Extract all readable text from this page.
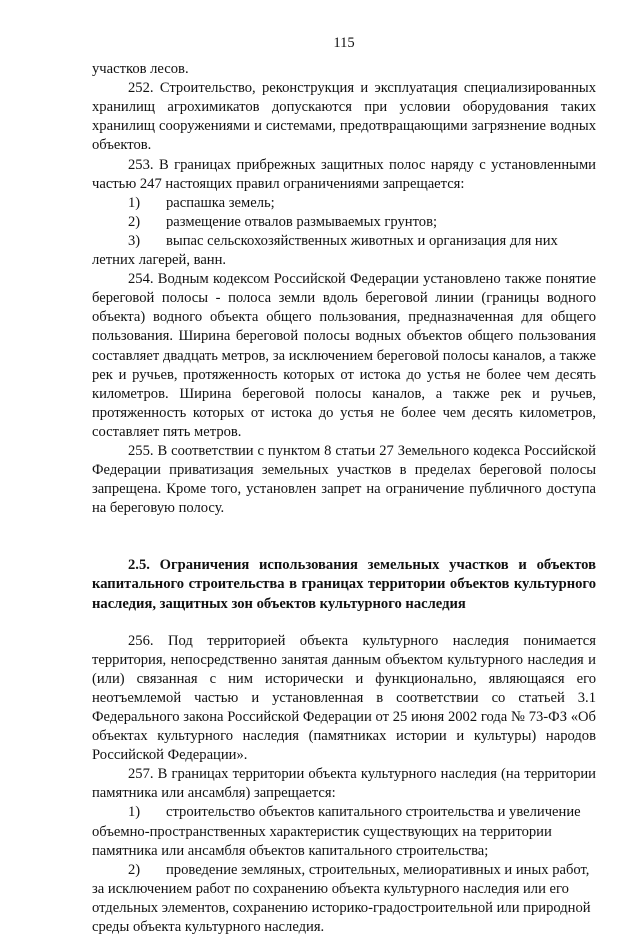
115

участков лесов.

252. Строительство, реконструкция и эксплуатация специализированных хранилищ агрохимикатов допускаются при условии оборудования таких хранилищ сооружениями и системами, предотвращающими загрязнение водных объектов.

253. В границах прибрежных защитных полос наряду с установленными частью 247 настоящих правил ограничениями запрещается:

1)	распашка земель;
2)	размещение отвалов размываемых грунтов;
3) выпас сельскохозяйственных животных и организация для них летних лагерей, ванн.

254. Водным кодексом Российской Федерации установлено также понятие береговой полосы - полоса земли вдоль береговой линии (границы водного объекта) водного объекта общего пользования, предназначенная для общего пользования. Ширина береговой полосы водных объектов общего пользования составляет двадцать метров, за исключением береговой полосы каналов, а также рек и ручьев, протяженность которых от истока до устья не более чем десять километров. Ширина береговой полосы каналов, а также рек и ручьев, протяженность которых от истока до устья не более чем десять километров, составляет пять метров.

255. В соответствии с пунктом 8 статьи 27 Земельного кодекса Российской Федерации приватизация земельных участков в пределах береговой полосы запрещена. Кроме того, установлен запрет на ограничение публичного доступа на береговую полосу.

2.5. Ограничения использования земельных участков и объектов капитального строительства в границах территории объектов культурного наследия, защитных зон объектов культурного наследия

256. Под территорией объекта культурного наследия понимается территория, непосредственно занятая данным объектом культурного наследия и (или) связанная с ним исторически и функционально, являющаяся его неотъемлемой частью и установленная в соответствии со статьей 3.1 Федерального закона Российской Федерации от 25 июня 2002 года № 73-ФЗ «Об объектах культурного наследия (памятниках истории и культуры) народов Российской Федерации».

257. В границах территории объекта культурного наследия (на территории памятника или ансамбля) запрещается:

1) строительство объектов капитального строительства и увеличение объемно-пространственных характеристик существующих на территории памятника или ансамбля объектов капитального строительства;
2) проведение земляных, строительных, мелиоративных и иных работ, за исключением работ по сохранению объекта культурного наследия или его отдельных элементов, сохранению историко-градостроительной или природной среды объекта культурного наследия.
